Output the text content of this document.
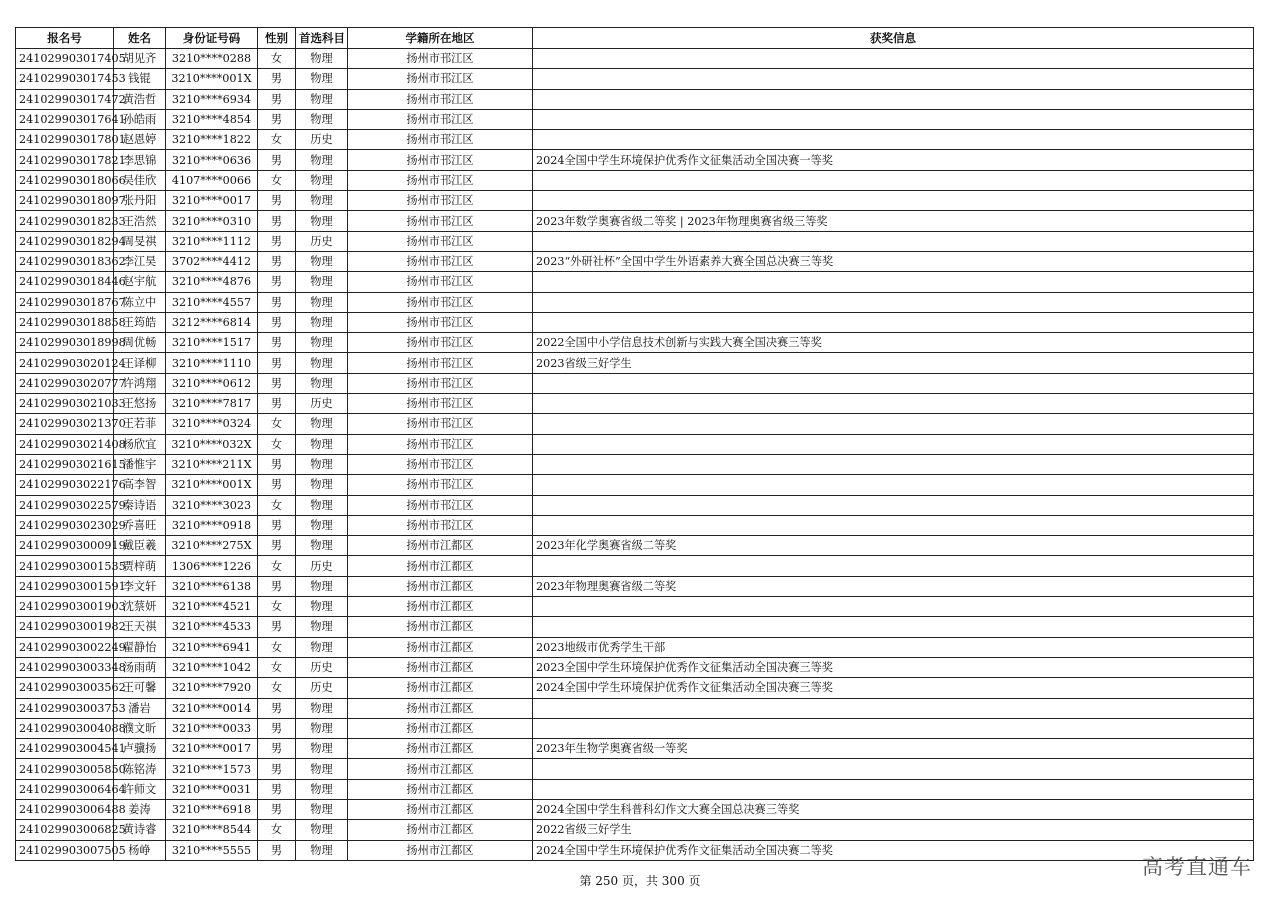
报名号	姓名	身份证号码	性别	首选科目	学籍所在地区	获奖信息
241029903017405	胡见齐	3210****0288	女	物理	扬州市邗江区	
241029903017453	钱锟	3210****001X	男	物理	扬州市邗江区	
241029903017472	黄浩哲	3210****6934	男	物理	扬州市邗江区	
241029903017641	孙皓雨	3210****4854	男	物理	扬州市邗江区	
241029903017801	赵恩婷	3210****1822	女	历史	扬州市邗江区	
241029903017821	李思锦	3210****0636	男	物理	扬州市邗江区	2024全国中学生环境保护优秀作文征集活动全国决赛一等奖
241029903018066	吴佳欣	4107****0066	女	物理	扬州市邗江区	
241029903018097	张丹阳	3210****0017	男	物理	扬州市邗江区	
241029903018233	王浩然	3210****0310	男	物理	扬州市邗江区	2023年数学奥赛省级二等奖 | 2023年物理奥赛省级三等奖
241029903018294	周旻祺	3210****1112	男	历史	扬州市邗江区	
241029903018362	李江昊	3702****4412	男	物理	扬州市邗江区	2023“外研社杯”全国中学生外语素养大赛全国总决赛三等奖
241029903018446	赵宇航	3210****4876	男	物理	扬州市邗江区	
241029903018767	陈立中	3210****4557	男	物理	扬州市邗江区	
241029903018858	王筠皓	3212****6814	男	物理	扬州市邗江区	
241029903018998	周优畅	3210****1517	男	物理	扬州市邗江区	2022全国中小学信息技术创新与实践大赛全国决赛三等奖
241029903020124	王译柳	3210****1110	男	物理	扬州市邗江区	2023省级三好学生
241029903020777	许鸿翔	3210****0612	男	物理	扬州市邗江区	
241029903021033	王悠扬	3210****7817	男	历史	扬州市邗江区	
241029903021370	王若菲	3210****0324	女	物理	扬州市邗江区	
241029903021408	杨欣宜	3210****032X	女	物理	扬州市邗江区	
241029903021615	潘惟宇	3210****211X	男	物理	扬州市邗江区	
241029903022176	高李智	3210****001X	男	物理	扬州市邗江区	
241029903022579	秦诗语	3210****3023	女	物理	扬州市邗江区	
241029903023029	乔喜旺	3210****0918	男	物理	扬州市邗江区	
241029903000919	戴臣羲	3210****275X	男	物理	扬州市江都区	2023年化学奥赛省级二等奖
241029903001535	贾梓萌	1306****1226	女	历史	扬州市江都区	
241029903001591	李文轩	3210****6138	男	物理	扬州市江都区	2023年物理奥赛省级二等奖
241029903001903	沈蔡妍	3210****4521	女	物理	扬州市江都区	
241029903001982	王天祺	3210****4533	男	物理	扬州市江都区	
241029903002249	翟静怡	3210****6941	女	物理	扬州市江都区	2023地级市优秀学生干部
241029903003348	汤雨萌	3210****1042	女	历史	扬州市江都区	2023全国中学生环境保护优秀作文征集活动全国决赛三等奖
241029903003562	王可馨	3210****7920	女	历史	扬州市江都区	2024全国中学生环境保护优秀作文征集活动全国决赛三等奖
241029903003753	潘岩	3210****0014	男	物理	扬州市江都区	
241029903004088	濮文昕	3210****0033	男	物理	扬州市江都区	
241029903004541	卢骥扬	3210****0017	男	物理	扬州市江都区	2023年生物学奥赛省级一等奖
241029903005850	陈铭涛	3210****1573	男	物理	扬州市江都区	
241029903006464	许师文	3210****0031	男	物理	扬州市江都区	
241029903006488	姜涛	3210****6918	男	物理	扬州市江都区	2024全国中学生科普科幻作文大赛全国总决赛三等奖
241029903006825	黄诗睿	3210****8544	女	物理	扬州市江都区	2022省级三好学生
241029903007505	杨峥	3210****5555	男	物理	扬州市江都区	2024全国中学生环境保护优秀作文征集活动全国决赛二等奖
第 250 页，共 300 页
高考直通车
